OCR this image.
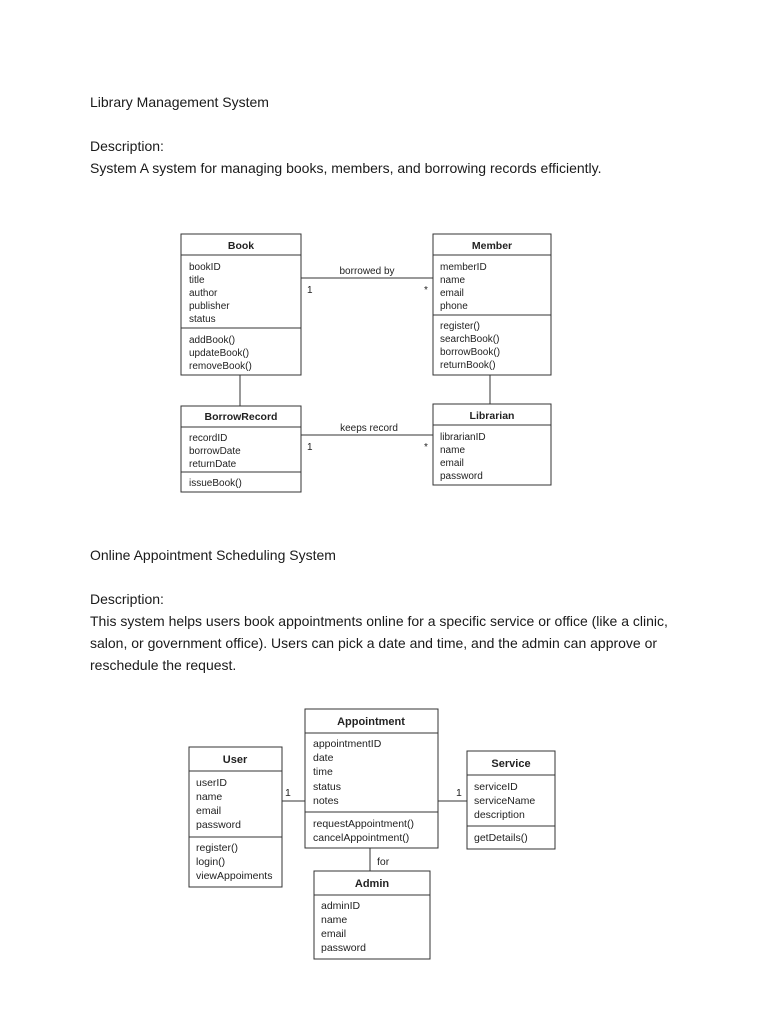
Library Management System

Description:

System A system for managing books, members, and borrowing records efficiently.

Book
bookID
title
author
publisher
status
addBook()
updateBook()
removeBook()
Member
memberID
name
email
phone
register()
searchBook()
borrowBook()
returnBook()
BorrowRecord
recordID
borrowDate
returnDate
issueBook()
Librarian
librarianID
name
email
password
borrowed by
1	*
keeps record
1	*

Online Appointment Scheduling System

Description:

This system helps users book appointments online for a specific service or office (like a clinic,
salon, or government office). Users can pick a date and time, and the admin can approve or
reschedule the request.
Appointment
appointmentID
date
time
status
notes
requestAppointment()
cancelAppointment()
User
userID
name
email
password
register()
login()
viewAppoiments
Service
serviceID
serviceName
description
getDetails()
Admin
adminID
name
email
password
1	1
for
